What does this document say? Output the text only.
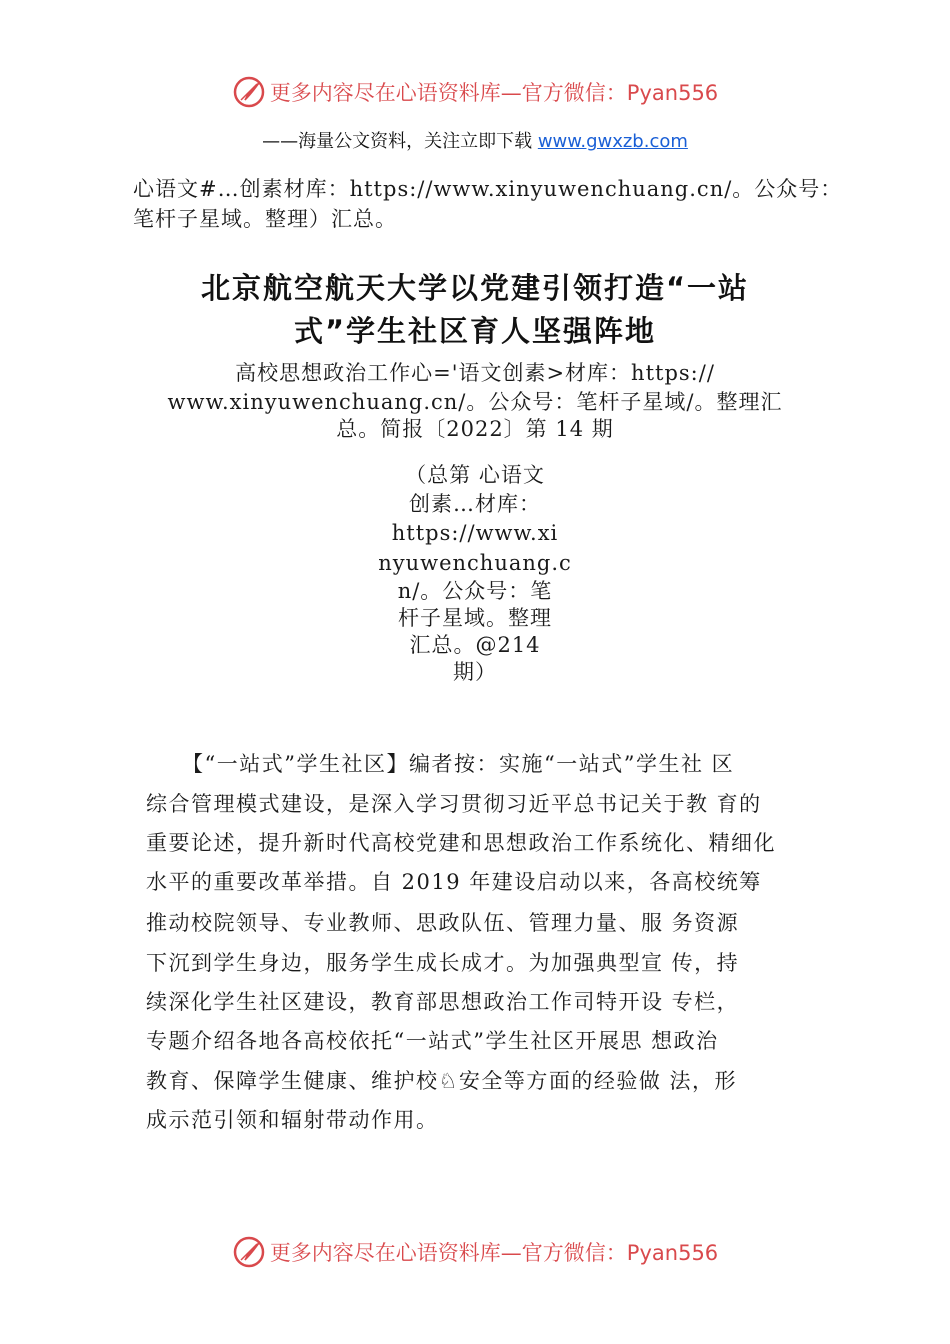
更多内容尽在心语资料库—官方微信：Pyan556
——海量公文资料，关注立即下载 www.gwxzb.com
心语文#…创素材库：https://www.xinyuwenchuang.cn/。公众号：
笔杆子星域。整理）汇总。
北京航空航天大学以党建引领打造“一站
式”学生社区育人坚强阵地
高校思想政治工作心='语文创素>材库：https://
www.xinyuwenchuang.cn/。公众号：笔杆子星域/。整理汇
总。简报〔2022〕第 14 期
（总第 心语文
创素…材库：
https://www.xi
nyuwenchuang.c
n/。公众号：笔
杆子星域。整理
汇总。@214
期）
【“一站式”学生社区】编者按：实施“一站式”学生社 区
综合管理模式建设，是深入学习贯彻习近平总书记关于教 育的
重要论述，提升新时代高校党建和思想政治工作系统化、精细化
水平的重要改革举措。自 2019 年建设启动以来，各高校统筹
推动校院领导、专业教师、思政队伍、管理力量、服 务资源
下沉到学生身边，服务学生成长成才。为加强典型宣 传，持
续深化学生社区建设，教育部思想政治工作司特开设 专栏，
专题介绍各地各高校依托“一站式”学生社区开展思 想政治
教育、保障学生健康、维护校♘安全等方面的经验做 法，形
成示范引领和辐射带动作用。
更多内容尽在心语资料库—官方微信：Pyan556
